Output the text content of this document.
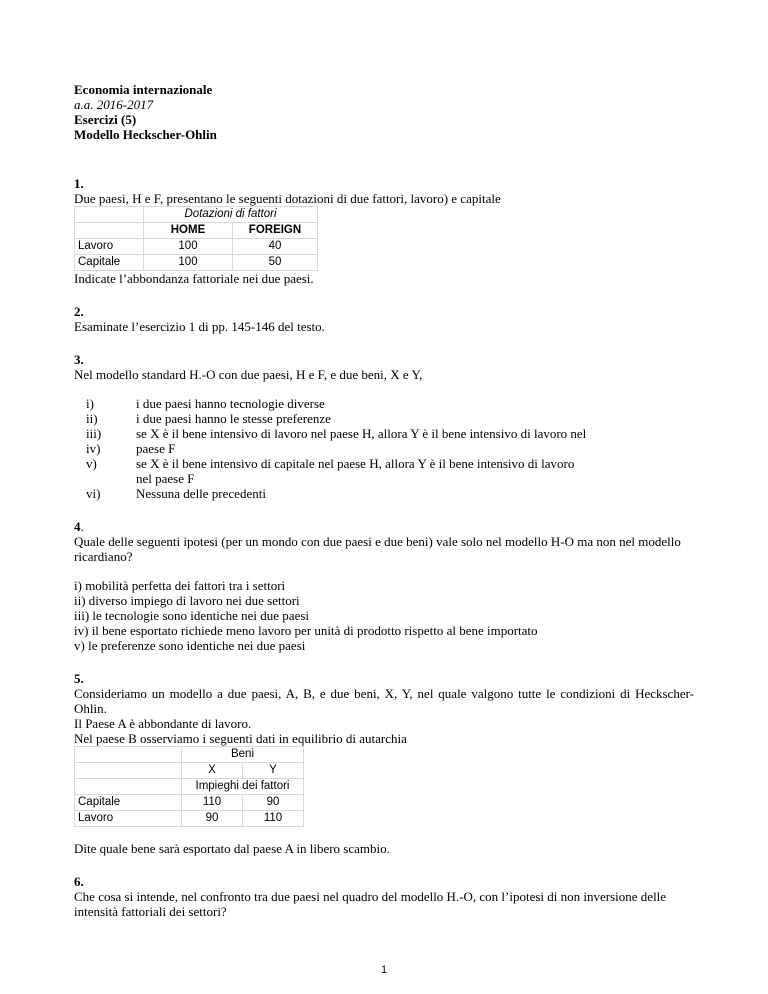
Economia internazionale
a.a. 2016-2017
Esercizi (5)
Modello Heckscher-Ohlin
1.
Due paesi, H e F, presentano le seguenti dotazioni di due fattori, lavoro) e capitale
	Dotazioni di fattori	
	HOME	FOREIGN
Lavoro	100	40
Capitale	100	50
Indicate l’abbondanza fattoriale nei due paesi.
2.
Esaminate l’esercizio 1 di pp. 145-146 del testo.
3.
Nel modello standard H.-O con due paesi, H e F, e due beni, X e Y,
i)	i due paesi hanno tecnologie diverse
ii)	i due paesi hanno le stesse preferenze
iii)	se X è il bene intensivo di lavoro nel paese H, allora Y è il bene intensivo di lavoro nel
iv)	paese F
v)	se X è il bene intensivo di capitale nel paese H, allora Y è il bene intensivo di lavoro nel paese F
vi)	Nessuna delle precedenti
4.
Quale delle seguenti ipotesi (per un mondo con due paesi e due beni) vale solo nel modello H-O ma non nel modello ricardiano?
i) mobilità perfetta dei fattori tra i settori
ii) diverso impiego di lavoro nei due settori
iii) le tecnologie sono identiche nei due paesi
iv) il bene esportato richiede meno lavoro per unità di prodotto rispetto al bene importato
v) le preferenze sono identiche nei due paesi
5.
Consideriamo un modello a due paesi, A, B, e due beni, X, Y, nel quale valgono tutte le condizioni di Heckscher-Ohlin.
Il Paese A è abbondante di lavoro.
Nel paese B osserviamo i seguenti dati in equilibrio di autarchia
	Beni	
	X	Y
	Impieghi dei fattori	
Capitale	110	90
Lavoro	90	110
Dite quale bene sarà esportato dal paese A in libero scambio.
6.
Che cosa si intende, nel confronto tra due paesi nel quadro del modello H.-O, con l’ipotesi di non inversione delle intensità fattoriali dei settori?
1
